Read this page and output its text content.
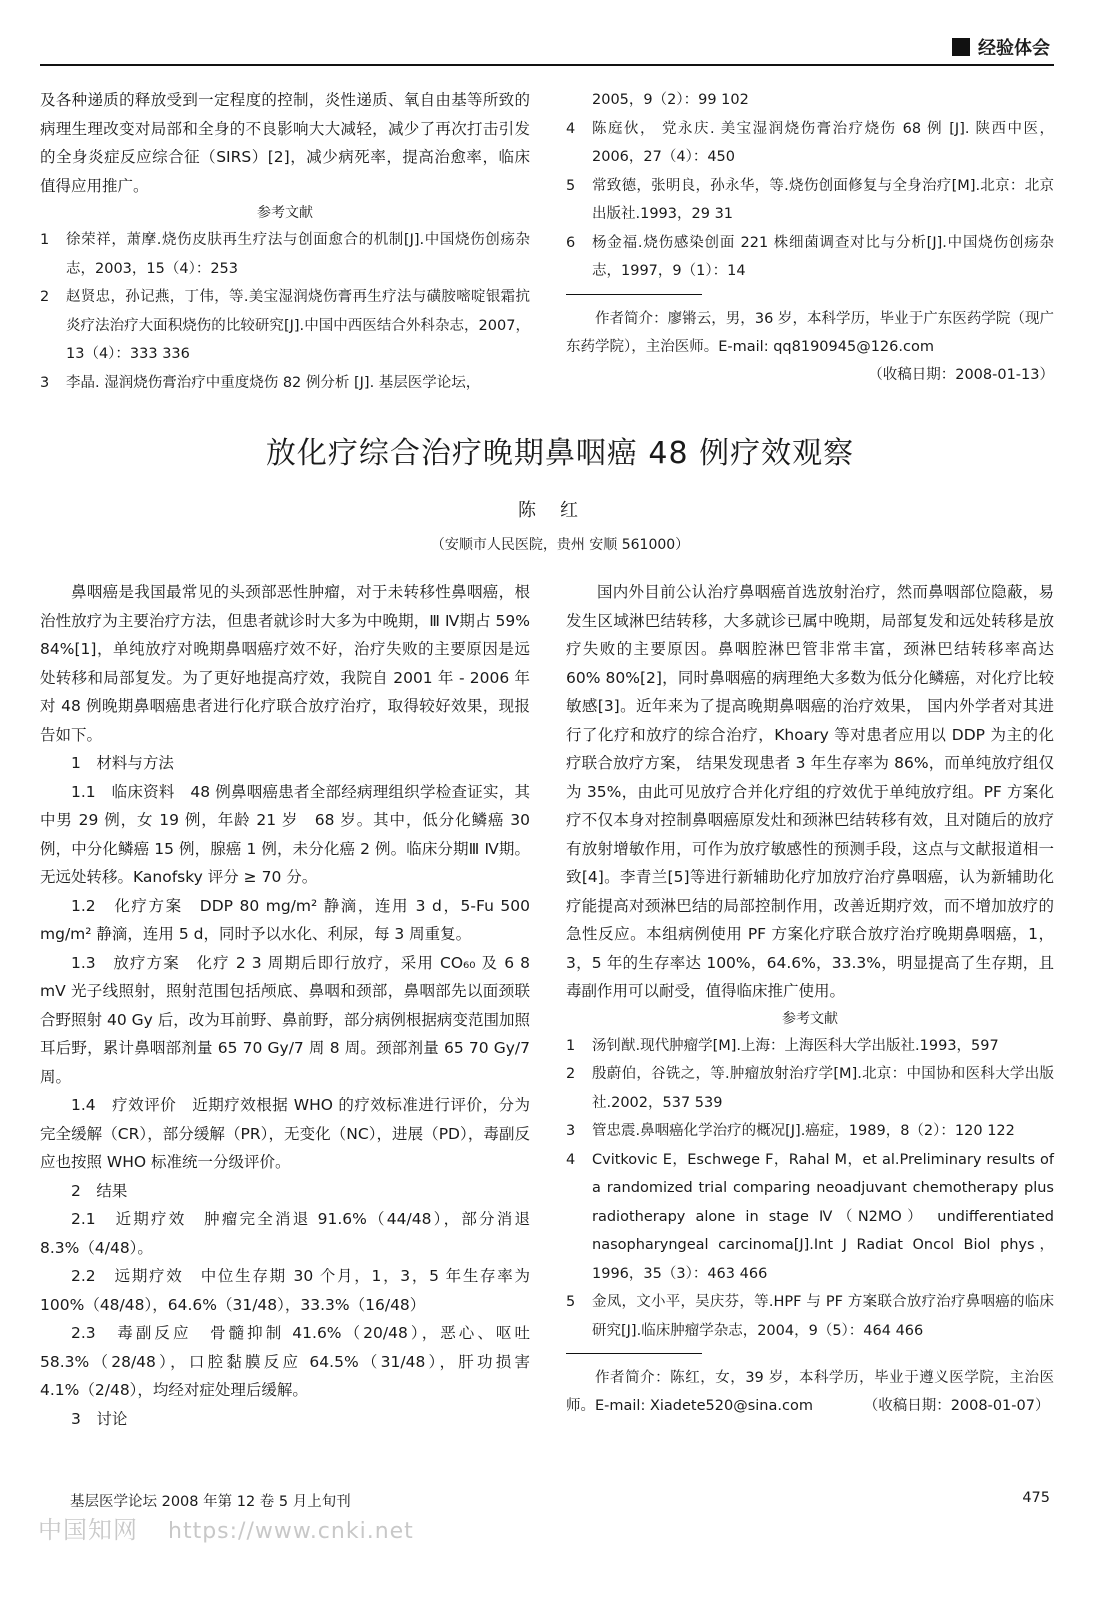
经验体会

及各种递质的释放受到一定程度的控制，炎性递质、氧自由基等所致的病理生理改变对局部和全身的不良影响大大减轻，减少了再次打击引发的全身炎症反应综合征（SIRS）[2]，减少病死率，提高治愈率，临床值得应用推广。

参考文献

1	徐荣祥，萧摩.烧伤皮肤再生疗法与创面愈合的机制[J].中国烧伤创疡杂志，2003，15（4）：253
2	赵贤忠，孙记燕，丁伟，等.美宝湿润烧伤膏再生疗法与磺胺嘧啶银霜抗炎疗法治疗大面积烧伤的比较研究[J].中国中西医结合外科杂志，2007，13（4）：333 336
3	李晶. 湿润烧伤膏治疗中重度烧伤 82 例分析 [J]. 基层医学论坛，
2005，9（2）：99 102
4	陈庭伙， 党永庆. 美宝湿润烧伤膏治疗烧伤 68 例 [J]. 陕西中医，2006，27（4）：450
5	常致德，张明良，孙永华，等.烧伤创面修复与全身治疗[M].北京：北京出版社.1993，29 31
6	杨金福.烧伤感染创面 221 株细菌调查对比与分析[J].中国烧伤创疡杂志，1997，9（1）：14

作者简介：廖锵云，男，36 岁，本科学历，毕业于广东医药学院（现广东药学院），主治医师。E-mail: qq8190945@126.com

（收稿日期：2008-01-13）

放化疗综合治疗晚期鼻咽癌 48 例疗效观察
陈红
（安顺市人民医院，贵州 安顺 561000）

鼻咽癌是我国最常见的头颈部恶性肿瘤，对于未转移性鼻咽癌，根治性放疗为主要治疗方法，但患者就诊时大多为中晚期，Ⅲ Ⅳ期占 59% 84%[1]，单纯放疗对晚期鼻咽癌疗效不好，治疗失败的主要原因是远处转移和局部复发。为了更好地提高疗效，我院自 2001 年 - 2006 年对 48 例晚期鼻咽癌患者进行化疗联合放疗治疗，取得较好效果，现报告如下。

1　材料与方法

1.1　临床资料　48 例鼻咽癌患者全部经病理组织学检查证实，其中男 29 例，女 19 例，年龄 21 岁　68 岁。其中，低分化鳞癌 30 例，中分化鳞癌 15 例，腺癌 1 例，未分化癌 2 例。临床分期Ⅲ Ⅳ期。无远处转移。Kanofsky 评分 ≥ 70 分。

1.2　化疗方案　DDP 80 mg/m² 静滴，连用 3 d，5-Fu 500 mg/m² 静滴，连用 5 d，同时予以水化、利尿，每 3 周重复。

1.3　放疗方案　化疗 2 3 周期后即行放疗，采用 CO₆₀ 及 6 8 mV 光子线照射，照射范围包括颅底、鼻咽和颈部，鼻咽部先以面颈联合野照射 40 Gy 后，改为耳前野、鼻前野，部分病例根据病变范围加照耳后野，累计鼻咽部剂量 65 70 Gy/7 周 8 周。颈部剂量 65 70 Gy/7 周。

1.4　疗效评价　近期疗效根据 WHO 的疗效标准进行评价，分为完全缓解（CR），部分缓解（PR），无变化（NC），进展（PD），毒副反应也按照 WHO 标准统一分级评价。

2　结果

2.1　近期疗效　肿瘤完全消退 91.6%（44/48），部分消退 8.3%（4/48）。

2.2　远期疗效　中位生存期 30 个月，1，3，5 年生存率为 100%（48/48），64.6%（31/48），33.3%（16/48）

2.3　毒副反应　骨髓抑制 41.6%（20/48），恶心、呕吐 58.3%（28/48），口腔黏膜反应 64.5%（31/48），肝功损害 4.1%（2/48），均经对症处理后缓解。

3　讨论

国内外目前公认治疗鼻咽癌首选放射治疗，然而鼻咽部位隐蔽，易发生区域淋巴结转移，大多就诊已属中晚期，局部复发和远处转移是放疗失败的主要原因。鼻咽腔淋巴管非常丰富，颈淋巴结转移率高达 60% 80%[2]，同时鼻咽癌的病理绝大多数为低分化鳞癌，对化疗比较敏感[3]。近年来为了提高晚期鼻咽癌的治疗效果， 国内外学者对其进行了化疗和放疗的综合治疗，Khoary 等对患者应用以 DDP 为主的化疗联合放疗方案， 结果发现患者 3 年生存率为 86%，而单纯放疗组仅为 35%，由此可见放疗合并化疗组的疗效优于单纯放疗组。PF 方案化疗不仅本身对控制鼻咽癌原发灶和颈淋巴结转移有效，且对随后的放疗有放射增敏作用，可作为放疗敏感性的预测手段，这点与文献报道相一致[4]。李青兰[5]等进行新辅助化疗加放疗治疗鼻咽癌，认为新辅助化疗能提高对颈淋巴结的局部控制作用，改善近期疗效，而不增加放疗的急性反应。本组病例使用 PF 方案化疗联合放疗治疗晚期鼻咽癌，1，3，5 年的生存率达 100%，64.6%，33.3%，明显提高了生存期，且毒副作用可以耐受，值得临床推广使用。

参考文献

1	汤钊猷.现代肿瘤学[M].上海：上海医科大学出版社.1993，597
2	殷蔚伯，谷铣之，等.肿瘤放射治疗学[M].北京：中国协和医科大学出版社.2002，537 539
3	管忠震.鼻咽癌化学治疗的概况[J].癌症，1989，8（2）：120 122
4	Cvitkovic E，Eschwege F，Rahal M，et al.Preliminary results of a randomized trial comparing neoadjuvant chemotherapy plus radiotherapy alone in stage Ⅳ（N2MO） undifferentiated nasopharyngeal carcinoma[J].Int J Radiat Oncol Biol phys，1996，35（3）：463 466
5	金凤，文小平，吴庆芬，等.HPF 与 PF 方案联合放疗治疗鼻咽癌的临床研究[J].临床肿瘤学杂志，2004，9（5）：464 466

作者简介：陈红，女，39 岁，本科学历，毕业于遵义医学院，主治医师。E-mail: Xiadete520@sina.com　　　　（收稿日期：2008-01-07）

基层医学论坛 2008 年第 12 卷 5 月上旬刊	475
中国知网 https://www.cnki.net
